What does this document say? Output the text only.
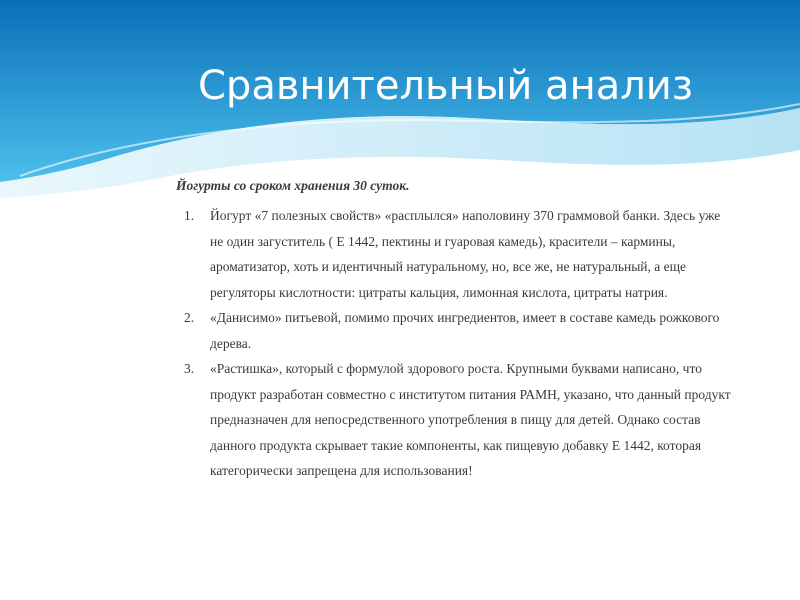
Сравнительный анализ

Йогурты со сроком хранения 30 суток.

1. Йогурт «7 полезных свойств» «расплылся» наполовину 370 граммовой банки. Здесь уже не один загуститель ( Е 1442, пектины и гуаровая камедь), красители – кармины, ароматизатор, хоть и идентичный натуральному, но, все же, не натуральный, а еще регуляторы кислотности: цитраты кальция, лимонная кислота, цитраты натрия.

2. «Данисимо» питьевой, помимо прочих ингредиентов, имеет в составе камедь рожкового дерева.

3. «Растишка», который с формулой здорового роста. Крупными буквами написано, что продукт разработан совместно с институтом питания РАМН, указано, что данный продукт предназначен для непосредственного употребления в пищу для детей. Однако состав данного продукта скрывает такие компоненты, как пищевую добавку Е 1442, которая категорически запрещена для использования!
